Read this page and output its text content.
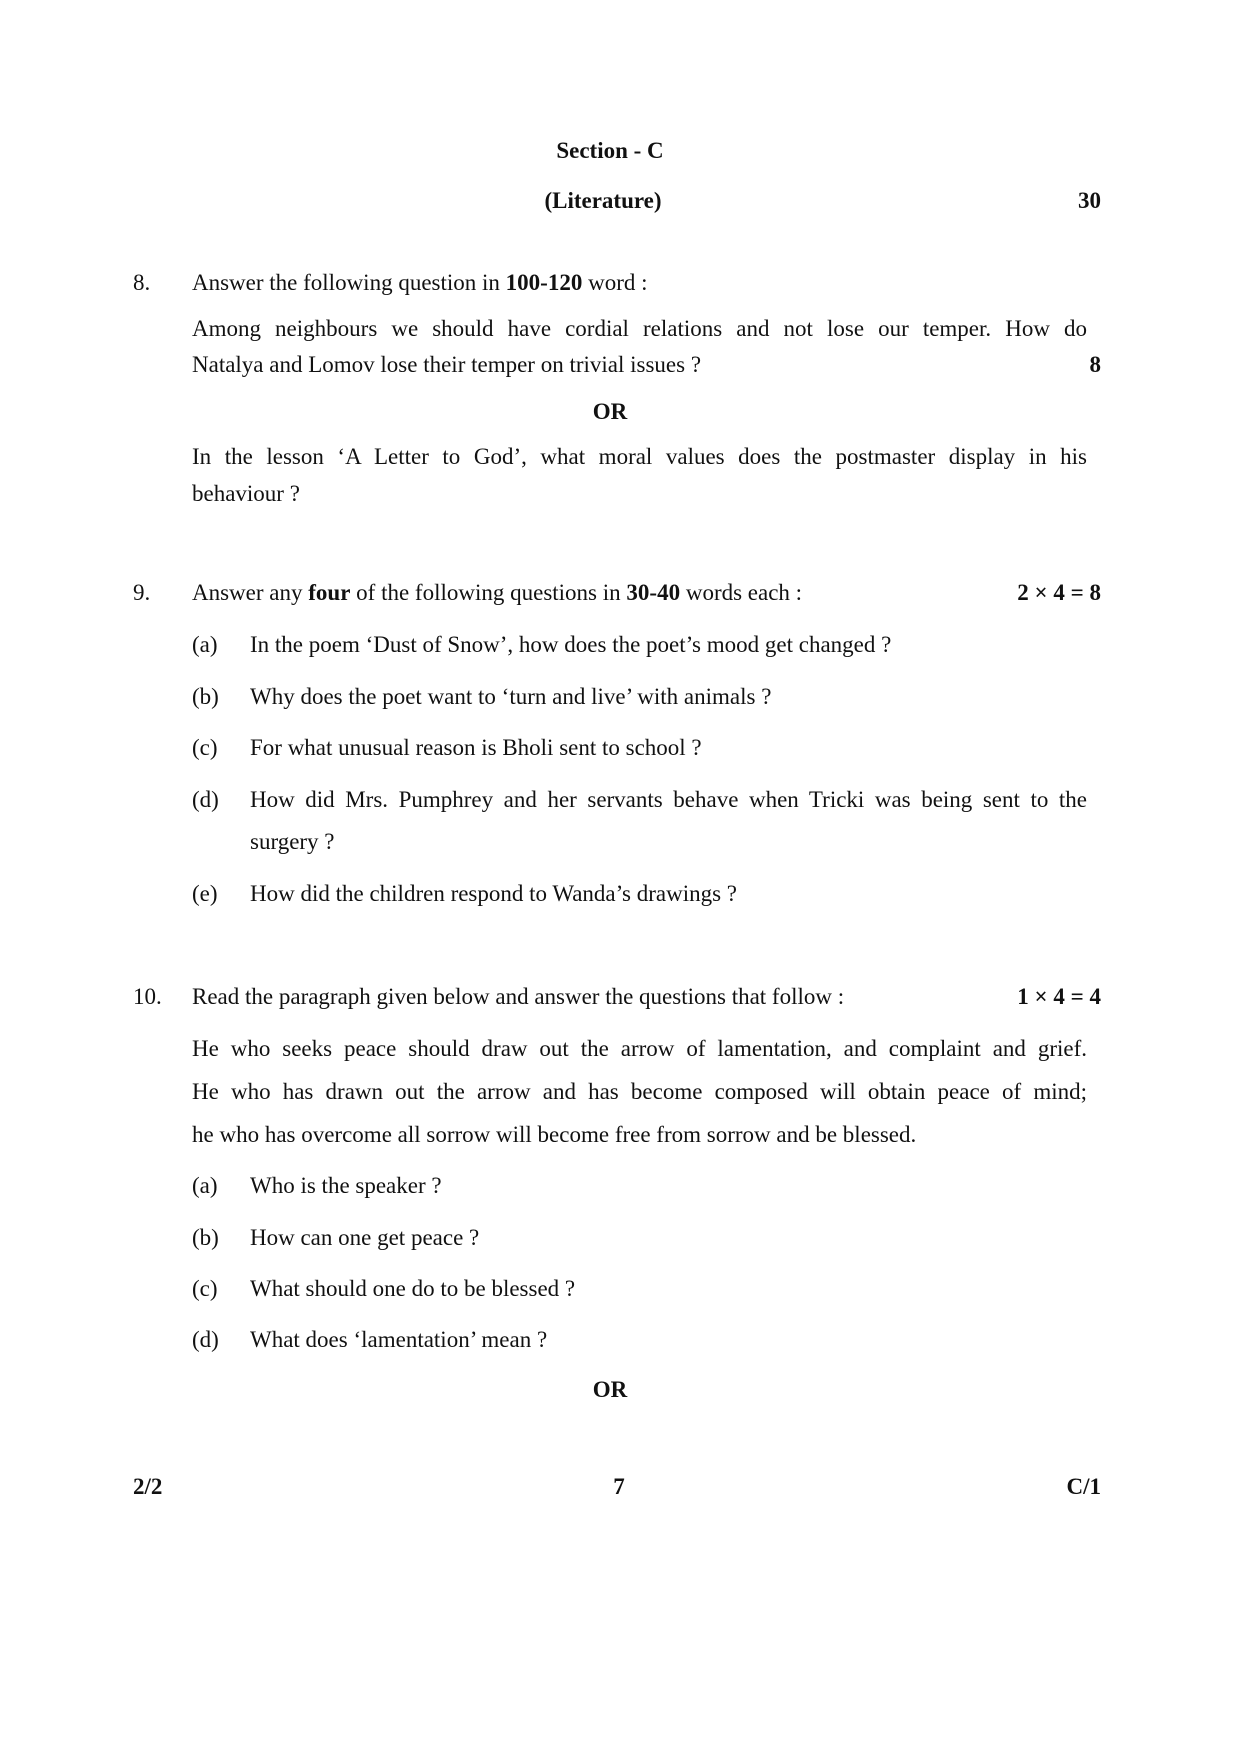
Section - C
(Literature)	30
8. Answer the following question in 100-120 word :
Among neighbours we should have cordial relations and not lose our temper. How do
Natalya and Lomov lose their temper on trivial issues ?	8
OR
In the lesson ‘A Letter to God’, what moral values does the postmaster display in his
behaviour ?
9. Answer any four of the following questions in 30-40 words each :	2 × 4 = 8
(a) In the poem ‘Dust of Snow’, how does the poet’s mood get changed ?
(b) Why does the poet want to ‘turn and live’ with animals ?
(c) For what unusual reason is Bholi sent to school ?
(d) How did Mrs. Pumphrey and her servants behave when Tricki was being sent to the
surgery ?
(e) How did the children respond to Wanda’s drawings ?
10. Read the paragraph given below and answer the questions that follow :	1 × 4 = 4
He who seeks peace should draw out the arrow of lamentation, and complaint and grief.
He who has drawn out the arrow and has become composed will obtain peace of mind;
he who has overcome all sorrow will become free from sorrow and be blessed.
(a) Who is the speaker ?
(b) How can one get peace ?
(c) What should one do to be blessed ?
(d) What does ‘lamentation’ mean ?
OR
2/2	7	C/1
